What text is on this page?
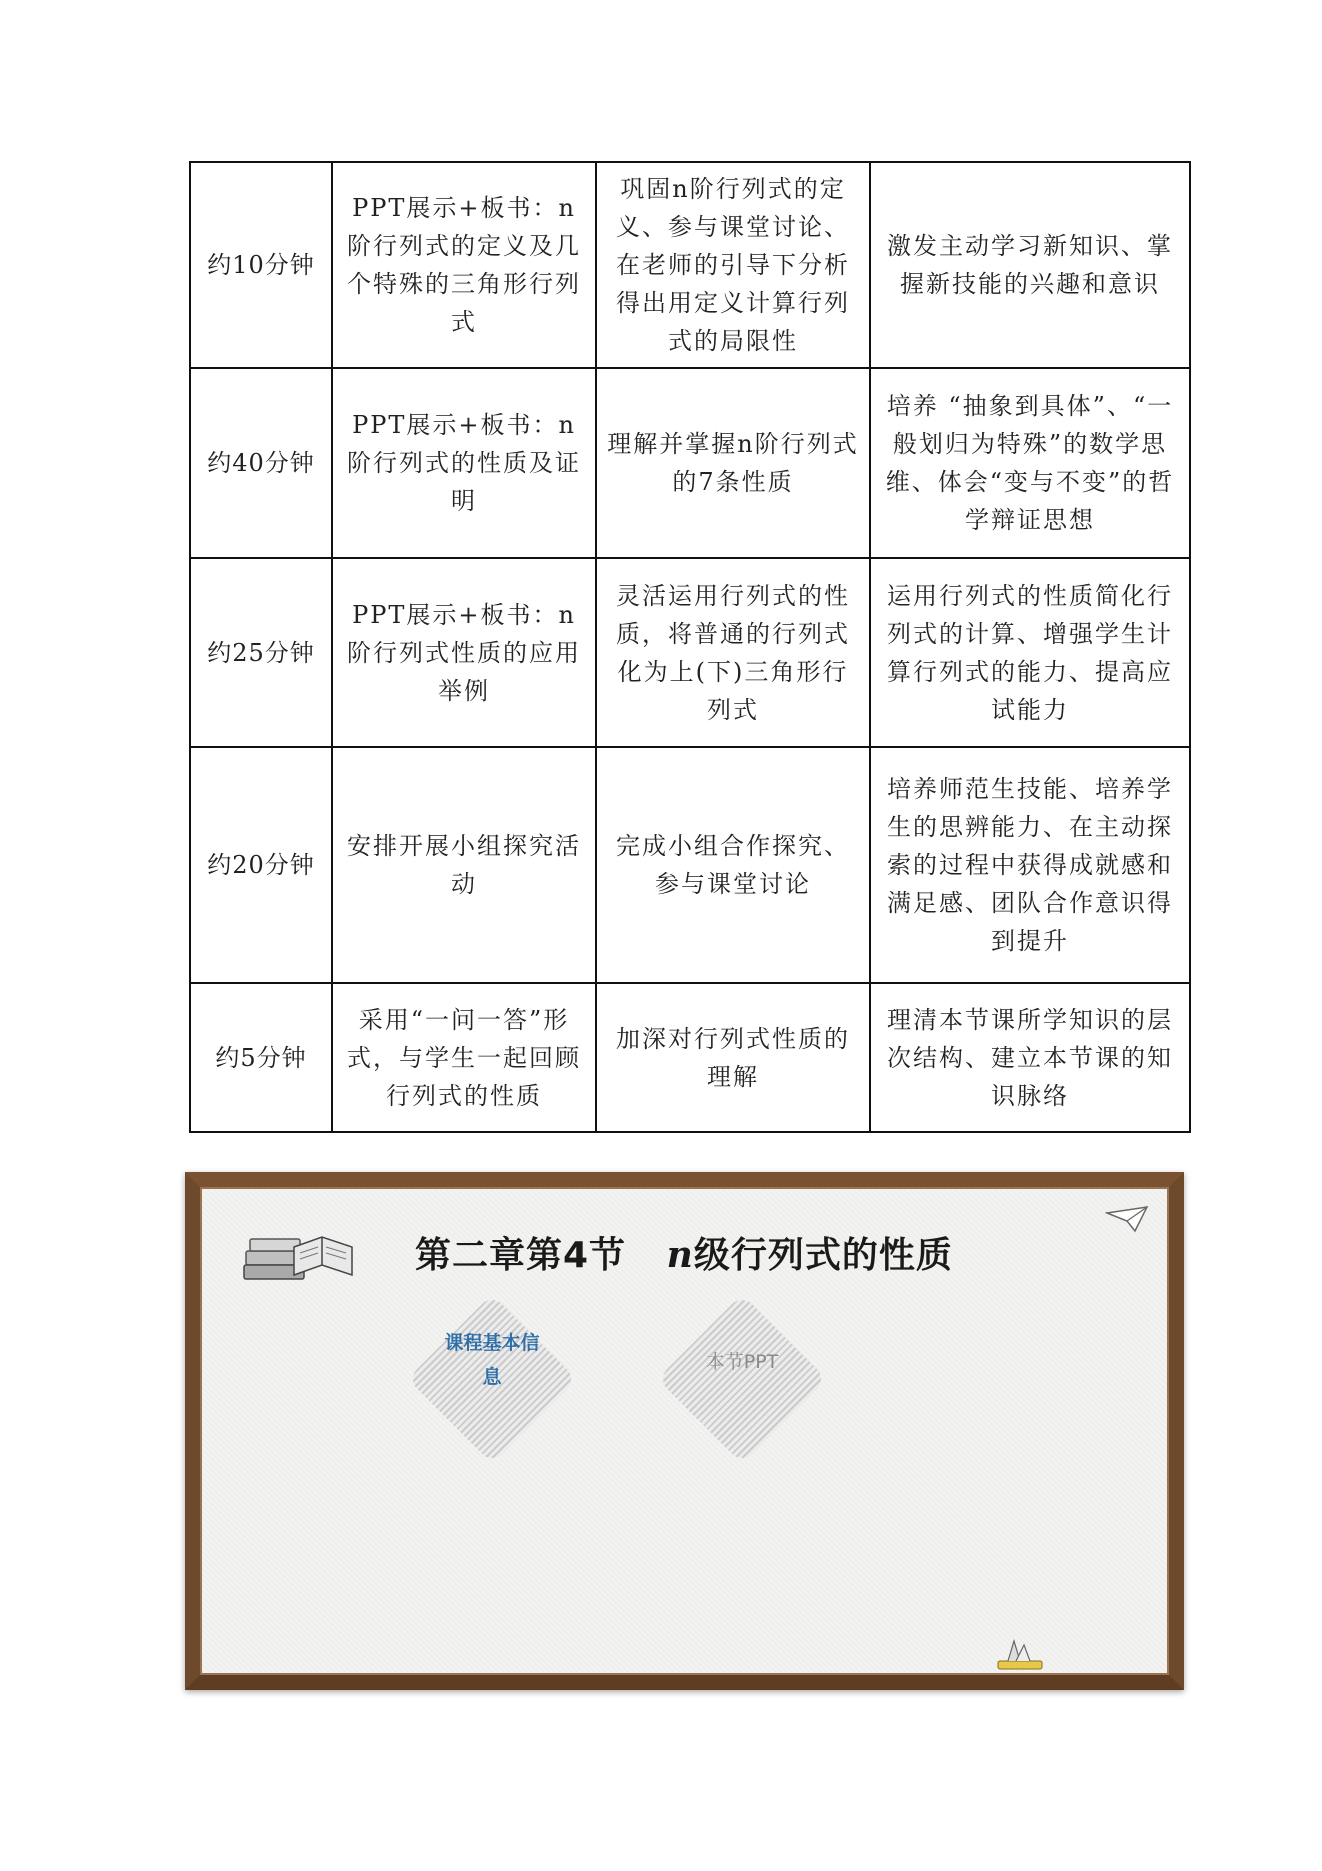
约10分钟	PPT展示+板书：n阶行列式的定义及几个特殊的三角形行列式	巩固n阶行列式的定义、参与课堂讨论、在老师的引导下分析得出用定义计算行列式的局限性	激发主动学习新知识、掌握新技能的兴趣和意识
约40分钟	PPT展示+板书：n阶行列式的性质及证明	理解并掌握n阶行列式的7条性质	培养 “抽象到具体”、“一般划归为特殊”的数学思维、体会“变与不变”的哲学辩证思想
约25分钟	PPT展示+板书：n阶行列式性质的应用举例	灵活运用行列式的性质，将普通的行列式化为上(下)三角形行列式	运用行列式的性质简化行列式的计算、增强学生计算行列式的能力、提高应试能力
约20分钟	安排开展小组探究活动	完成小组合作探究、参与课堂讨论	培养师范生技能、培养学生的思辨能力、在主动探索的过程中获得成就感和满足感、团队合作意识得到提升
约5分钟	采用“一问一答”形式，与学生一起回顾行列式的性质	加深对行列式性质的理解	理清本节课所学知识的层次结构、建立本节课的知识脉络
第二章第4节 n级行列式的性质
课程基本信息
本节PPT
